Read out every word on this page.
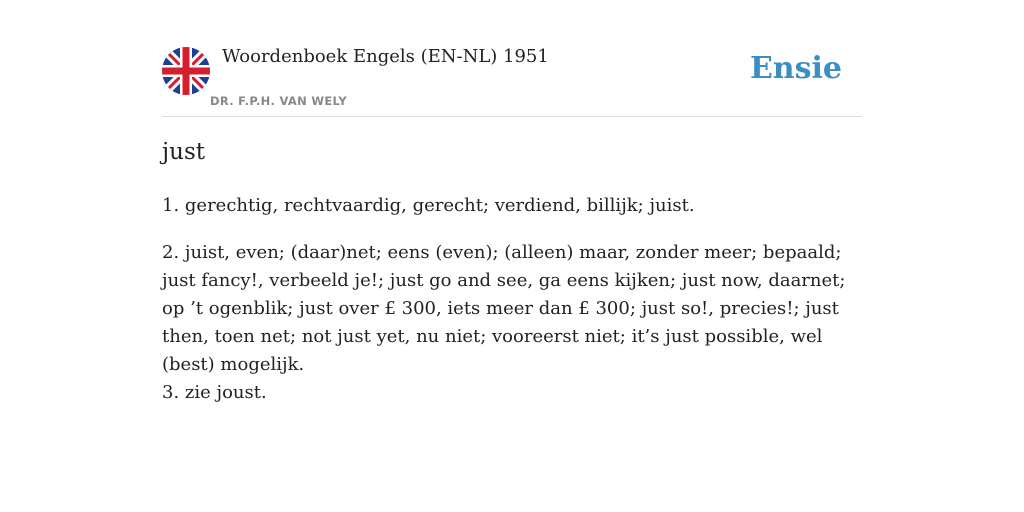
Woordenboek Engels (EN-NL) 1951
DR. F.P.H. VAN WELY
Ensie
just

1. gerechtig, rechtvaardig, gerecht; verdiend, billijk; juist.

2. juist, even; (daar)net; eens (even); (alleen) maar, zonder meer; bepaald; just fancy!, verbeeld je!; just go and see, ga eens kijken; just now, daarnet; op ’t ogenblik; just over £ 300, iets meer dan £ 300; just so!, precies!; just then, toen net; not just yet, nu niet; vooreerst niet; it’s just possible, wel (best) mogelijk.
3. zie joust.
